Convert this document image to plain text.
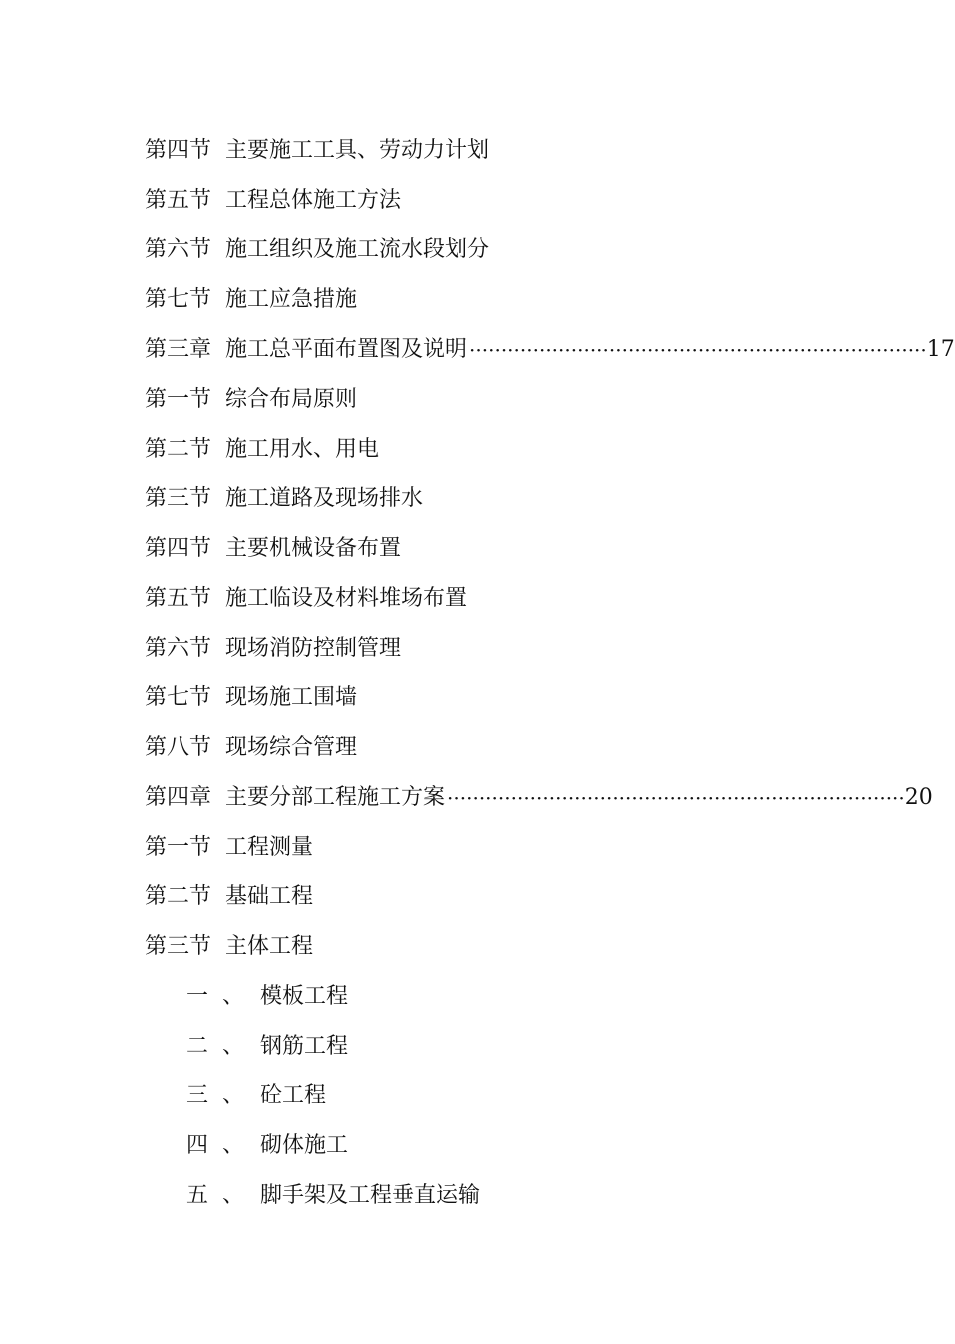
第四节 主要施工工具、劳动力计划
第五节 工程总体施工方法
第六节 施工组织及施工流水段划分
第七节 施工应急措施
第三章 施工总平面布置图及说明 ········································································ 17
第一节 综合布局原则
第二节 施工用水、用电
第三节 施工道路及现场排水
第四节 主要机械设备布置
第五节 施工临设及材料堆场布置
第六节 现场消防控制管理
第七节 现场施工围墙
第八节 现场综合管理
第四章 主要分部工程施工方案 ········································································ 20
第一节 工程测量
第二节 基础工程
第三节 主体工程
一 、 模板工程
二 、 钢筋工程
三 、 砼工程
四 、 砌体施工
五 、 脚手架及工程垂直运输
